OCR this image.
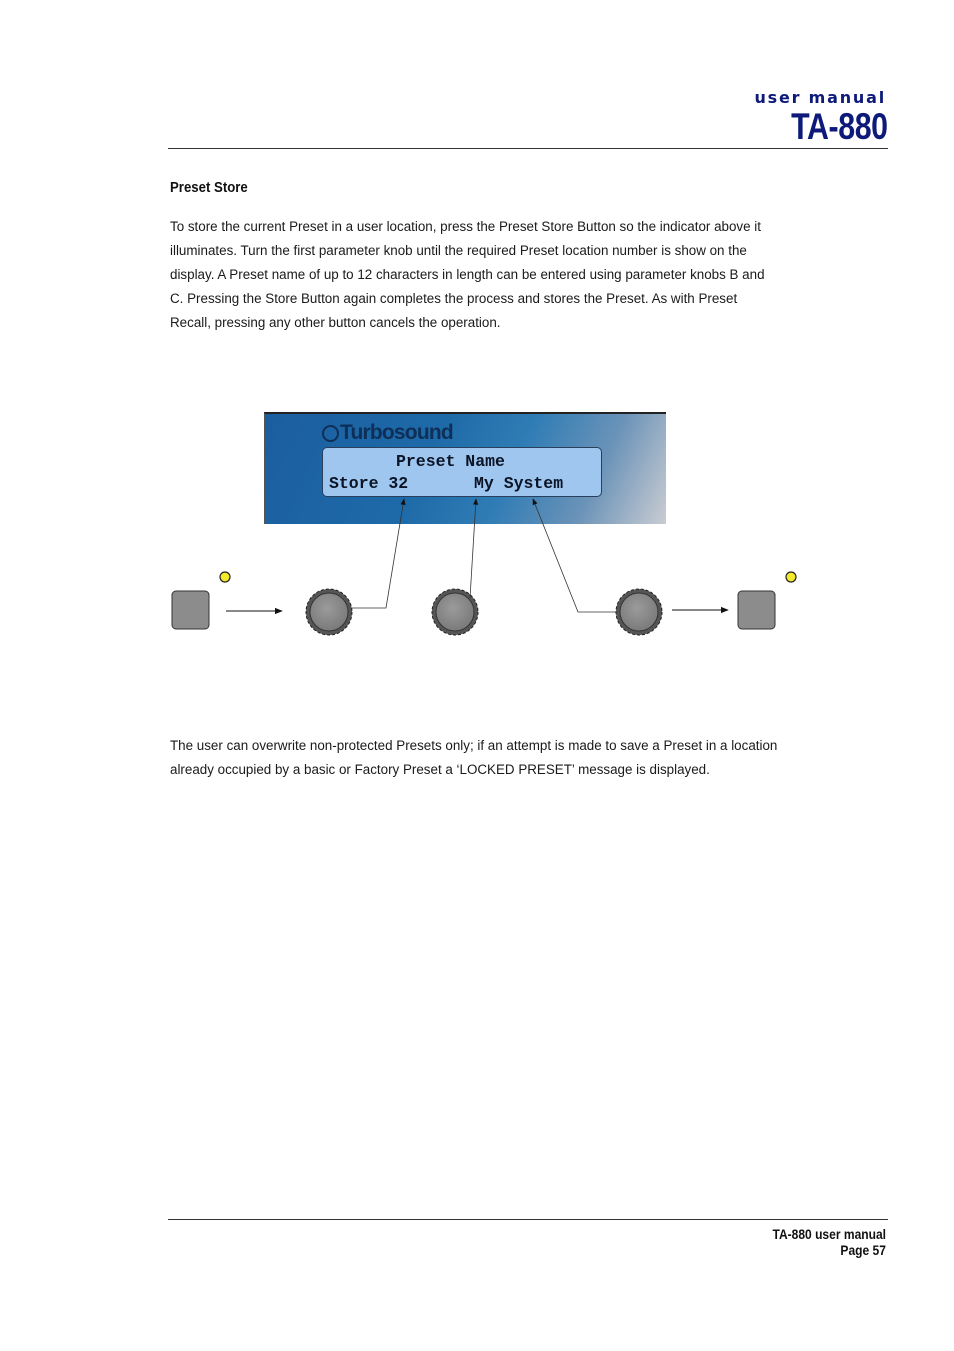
user manual
TA-880
Preset Store

To store the current Preset in a user location, press the Preset Store Button so the indicator above it illuminates. Turn the first parameter knob until the required Preset location number is show on the display. A Preset name of up to 12 characters in length can be entered using parameter knobs B and C. Pressing the Store Button again completes the process and stores the Preset. As with Preset Recall, pressing any other button cancels the operation.

Turbosound
Preset Name
Store 32	My System

The user can overwrite non-protected Presets only; if an attempt is made to save a Preset in a location already occupied by a basic or Factory Preset a ‘LOCKED PRESET’ message is displayed.

TA-880 user manual
Page 57
